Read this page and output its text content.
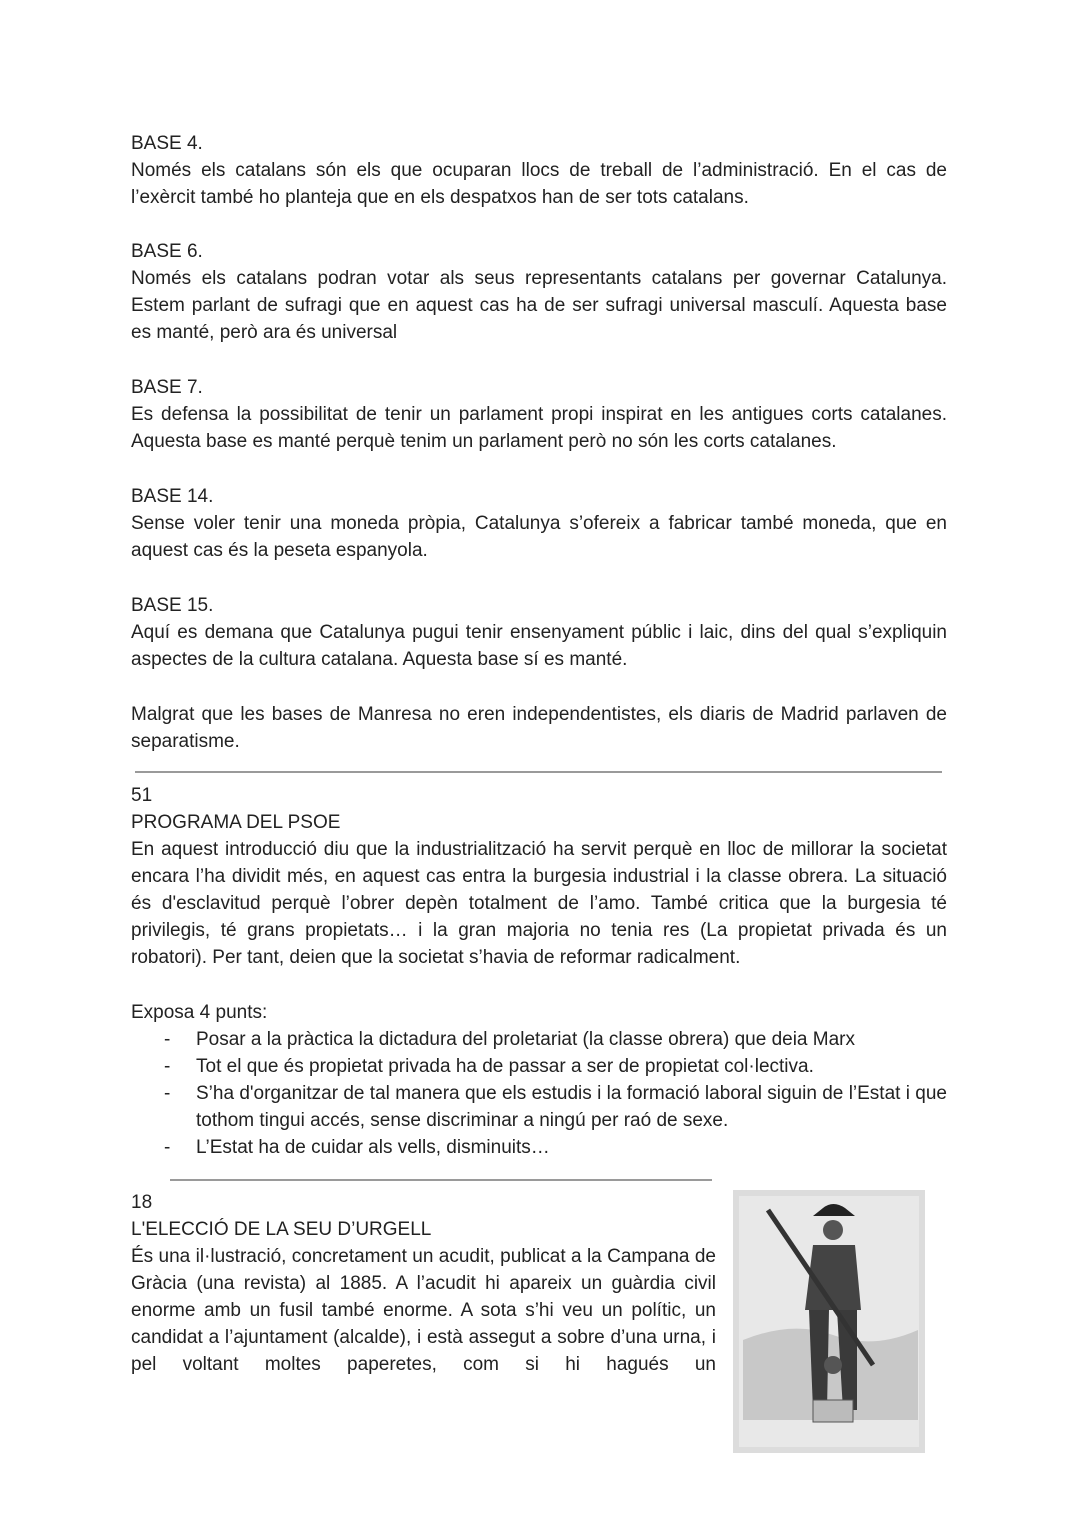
BASE 4.

Només els catalans són els que ocuparan llocs de treball de l’administració. En el cas de l’exèrcit també ho planteja que en els despatxos han de ser tots catalans.

BASE 6.

Només els catalans podran votar als seus representants catalans per governar Catalunya. Estem parlant de sufragi que en aquest cas ha de ser sufragi universal masculí. Aquesta base es manté, però ara és universal

BASE 7.

Es defensa la possibilitat de tenir un parlament propi inspirat en les antigues corts catalanes. Aquesta base es manté perquè tenim un parlament però no són les corts catalanes.

BASE 14.

Sense voler tenir una moneda pròpia, Catalunya s’ofereix a fabricar també moneda, que en aquest cas és la peseta espanyola.

BASE 15.

Aquí es demana que Catalunya pugui tenir ensenyament públic i laic, dins del qual s’expliquin aspectes de la cultura catalana. Aquesta base sí es manté.

Malgrat que les bases de Manresa no eren independentistes, els diaris de Madrid parlaven de separatisme.

51

PROGRAMA DEL PSOE

En aquest introducció diu que la industrialització ha servit perquè en lloc de millorar la societat encara l’ha dividit més, en aquest cas entra la burgesia industrial i la classe obrera. La situació és d'esclavitud perquè l’obrer depèn totalment de l’amo. També critica que la burgesia té privilegis, té grans propietats… i la gran majoria no tenia res (La propietat privada és un robatori). Per tant, deien que la societat s’havia de reformar radicalment.

Exposa 4 punts:

- Posar a la pràctica la dictadura del proletariat (la classe obrera) que deia Marx
- Tot el que és propietat privada ha de passar a ser de propietat col·lectiva.
- S’ha d'organitzar de tal manera que els estudis i la formació laboral siguin de l’Estat i que tothom tingui accés, sense discriminar a ningú per raó de sexe.
- L’Estat ha de cuidar als vells, disminuits…

18

L'ELECCIÓ DE LA SEU D’URGELL

És una il·lustració, concretament un acudit, publicat a la Campana de Gràcia (una revista) al 1885. A l’acudit hi apareix un guàrdia civil enorme amb un fusil també enorme. A sota s’hi veu un polític, un candidat a l’ajuntament (alcalde), i està assegut a sobre d’una urna, i pel voltant moltes paperetes, com si hi hagués un
